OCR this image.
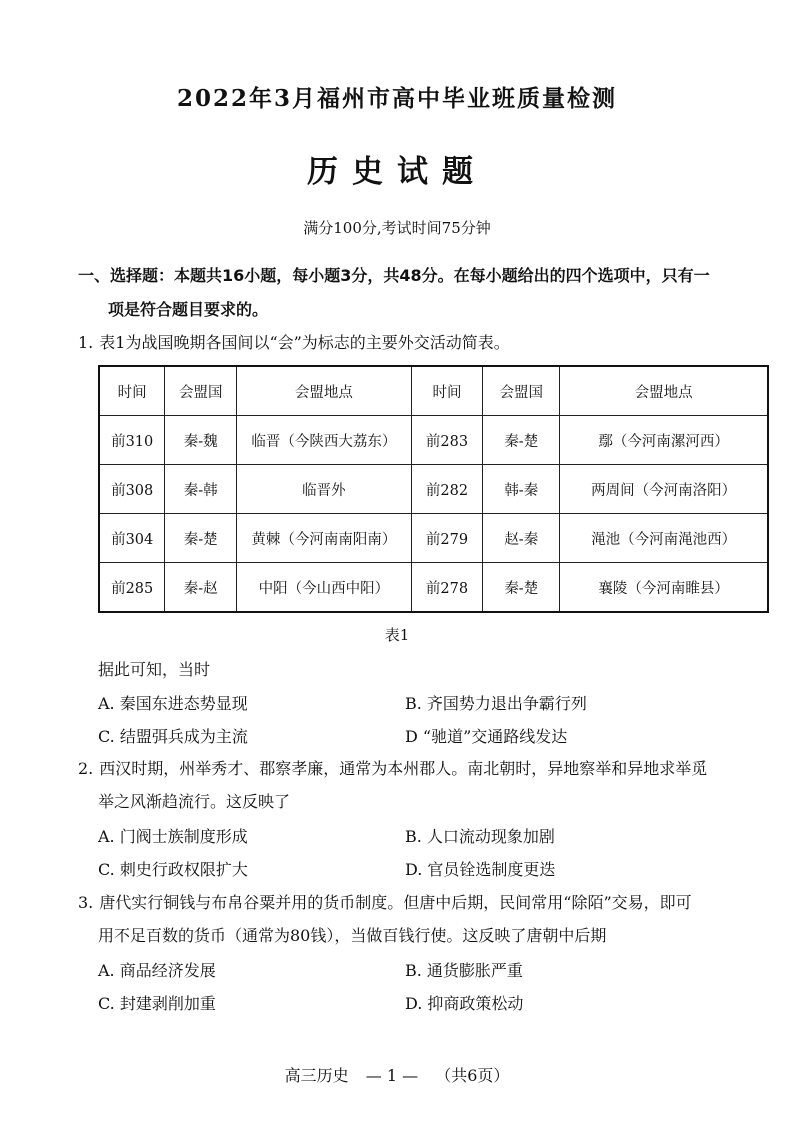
2022年3月福州市高中毕业班质量检测
历史试题
满分100分,考试时间75分钟
一、选择题：本题共16小题，每小题3分，共48分。在每小题给出的四个选项中，只有一
项是符合题目要求的。
1. 表1为战国晚期各国间以“会”为标志的主要外交活动简表。
时间	会盟国	会盟地点	时间	会盟国	会盟地点
前310	秦-魏	临晋（今陕西大荔东）	前283	秦-楚	鄢（今河南漯河西）
前308	秦-韩	临晋外	前282	韩-秦	两周间（今河南洛阳）
前304	秦-楚	黄棘（今河南南阳南）	前279	赵-秦	渑池（今河南渑池西）
前285	秦-赵	中阳（今山西中阳）	前278	秦-楚	襄陵（今河南睢县）
表1
据此可知，当时
A. 秦国东进态势显现	B. 齐国势力退出争霸行列
C. 结盟弭兵成为主流	D “驰道”交通路线发达
2. 西汉时期，州举秀才、郡察孝廉，通常为本州郡人。南北朝时，异地察举和异地求举觅
举之风渐趋流行。这反映了
A. 门阀士族制度形成	B. 人口流动现象加剧
C. 刺史行政权限扩大	D. 官员铨选制度更迭
3. 唐代实行铜钱与布帛谷粟并用的货币制度。但唐中后期，民间常用“除陌”交易，即可
用不足百数的货币（通常为80钱），当做百钱行使。这反映了唐朝中后期
A. 商品经济发展	B. 通货膨胀严重
C. 封建剥削加重	D. 抑商政策松动
高三历史 — 1 — （共6页）
